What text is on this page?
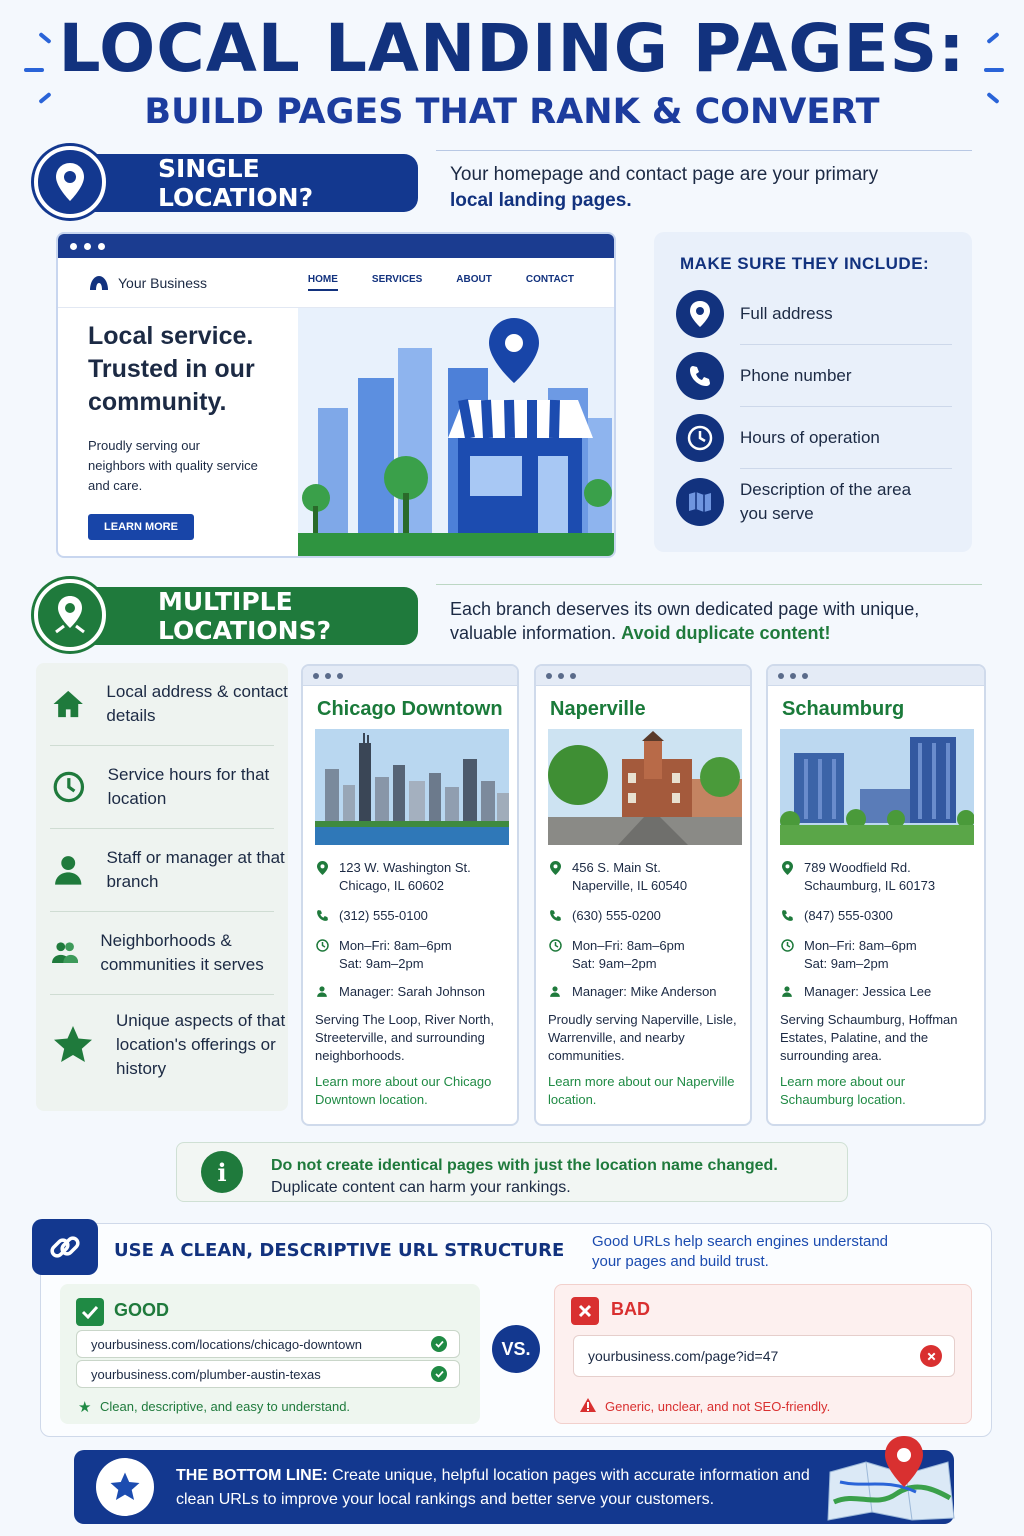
LOCAL LANDING PAGES:
BUILD PAGES THAT RANK & CONVERT
SINGLE LOCATION?
Your homepage and contact page are your primary
local landing pages.
Your Business	HOME	SERVICES	ABOUT	CONTACT
Local service. Trusted in our community.
Proudly serving our neighbors with quality service and care.
LEARN MORE
MAKE SURE THEY INCLUDE:
Full address
Phone number
Hours of operation
Description of the area you serve
MULTIPLE LOCATIONS?
Each branch deserves its own dedicated page with unique, valuable information. Avoid duplicate content!
Local address & contact details
Service hours for that location
Staff or manager at that branch
Neighborhoods & communities it serves
Unique aspects of that location's offerings or history
Chicago Downtown
123 W. Washington St.
Chicago, IL 60602
(312) 555-0100
Mon–Fri: 8am–6pm
Sat: 9am–2pm
Manager: Sarah Johnson
Serving The Loop, River North, Streeterville, and surrounding neighborhoods.
Learn more about our Chicago Downtown location.
Naperville
456 S. Main St.
Naperville, IL 60540
(630) 555-0200
Mon–Fri: 8am–6pm
Sat: 9am–2pm
Manager: Mike Anderson
Proudly serving Naperville, Lisle, Warrenville, and nearby communities.
Learn more about our Naperville location.
Schaumburg
789 Woodfield Rd.
Schaumburg, IL 60173
(847) 555-0300
Mon–Fri: 8am–6pm
Sat: 9am–2pm
Manager: Jessica Lee
Serving Schaumburg, Hoffman Estates, Palatine, and the surrounding area.
Learn more about our Schaumburg location.
i	Do not create identical pages with just the location name changed.
Duplicate content can harm your rankings.
USE A CLEAN, DESCRIPTIVE URL STRUCTURE Good URLs help search engines understand your pages and build trust.
GOOD
yourbusiness.com/locations/chicago-downtown
yourbusiness.com/plumber-austin-texas
★ Clean, descriptive, and easy to understand.
VS.
BAD
yourbusiness.com/page?id=47
Generic, unclear, and not SEO-friendly.
THE BOTTOM LINE: Create unique, helpful location pages with accurate information and clean URLs to improve your local rankings and better serve your customers.
